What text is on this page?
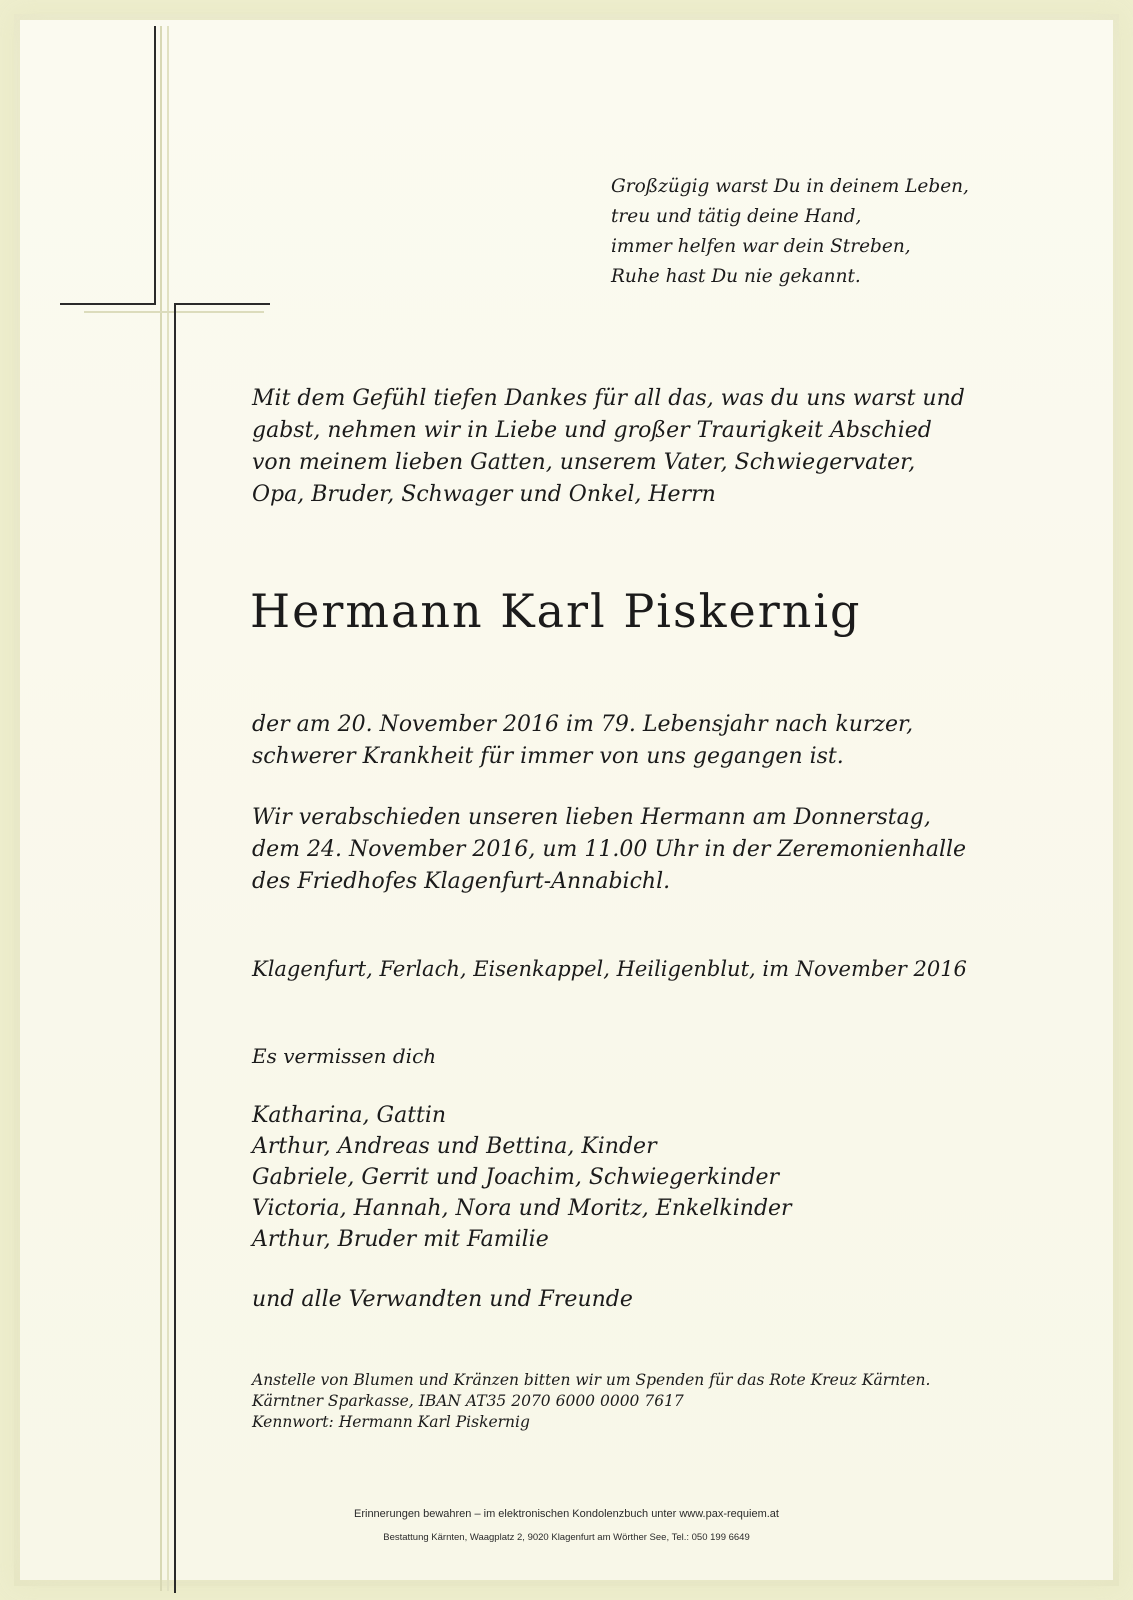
Großzügig warst Du in deinem Leben,
treu und tätig deine Hand,
immer helfen war dein Streben,
Ruhe hast Du nie gekannt.
Mit dem Gefühl tiefen Dankes für all das, was du uns warst und
gabst, nehmen wir in Liebe und großer Traurigkeit Abschied
von meinem lieben Gatten, unserem Vater, Schwiegervater,
Opa, Bruder, Schwager und Onkel, Herrn
Hermann Karl Piskernig
der am 20. November 2016 im 79. Lebensjahr nach kurzer,
schwerer Krankheit für immer von uns gegangen ist.
Wir verabschieden unseren lieben Hermann am Donnerstag,
dem 24. November 2016, um 11.00 Uhr in der Zeremonienhalle
des Friedhofes Klagenfurt-Annabichl.
Klagenfurt, Ferlach, Eisenkappel, Heiligenblut, im November 2016
Es vermissen dich
Katharina, Gattin
Arthur, Andreas und Bettina, Kinder
Gabriele, Gerrit und Joachim, Schwiegerkinder
Victoria, Hannah, Nora und Moritz, Enkelkinder
Arthur, Bruder mit Familie
und alle Verwandten und Freunde
Anstelle von Blumen und Kränzen bitten wir um Spenden für das Rote Kreuz Kärnten.
Kärntner Sparkasse, IBAN AT35 2070 6000 0000 7617
Kennwort: Hermann Karl Piskernig
Erinnerungen bewahren – im elektronischen Kondolenzbuch unter www.pax-requiem.at
Bestattung Kärnten, Waagplatz 2, 9020 Klagenfurt am Wörther See, Tel.: 050 199 6649
